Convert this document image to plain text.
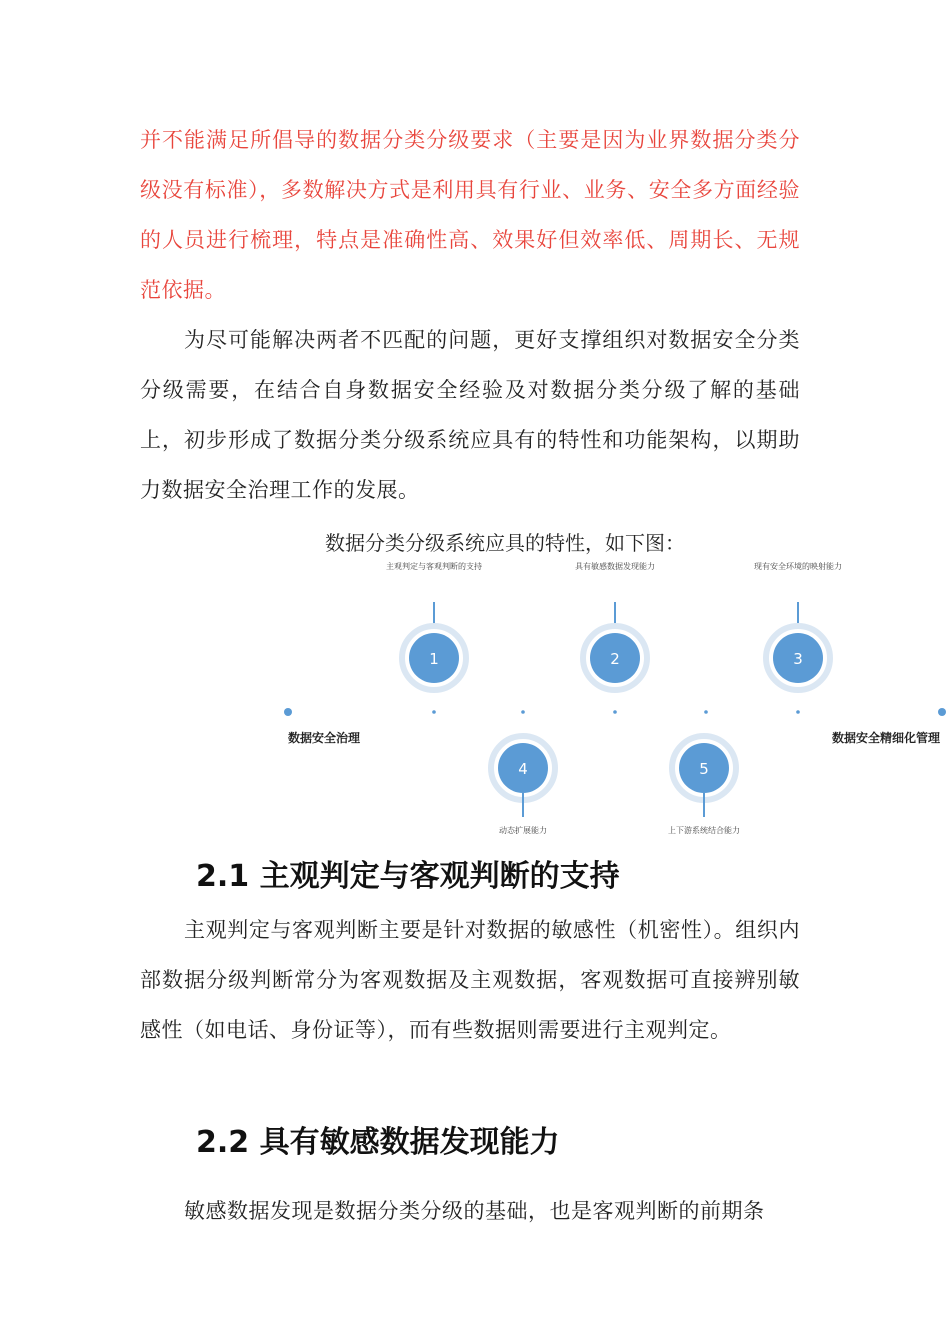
并不能满足所倡导的数据分类分级要求（主要是因为业界数据分类分级没有标准），多数解决方式是利用具有行业、业务、安全多方面经验的人员进行梳理，特点是准确性高、效果好但效率低、周期长、无规范依据。

为尽可能解决两者不匹配的问题，更好支撑组织对数据安全分类分级需要，在结合自身数据安全经验及对数据分类分级了解的基础上，初步形成了数据分类分级系统应具有的特性和功能架构，以期助力数据安全治理工作的发展。

数据分类分级系统应具的特性，如下图：

数据安全治理	数据安全精细化管理
主观判定与客观判断的支持
1
具有敏感数据发现能力
2
现有安全环境的映射能力
3
4
动态扩展能力
5
上下游系统结合能力
2.1 主观判定与客观判断的支持

主观判定与客观判断主要是针对数据的敏感性（机密性）。组织内部数据分级判断常分为客观数据及主观数据，客观数据可直接辨别敏感性（如电话、身份证等），而有些数据则需要进行主观判定。

2.2 具有敏感数据发现能力

敏感数据发现是数据分类分级的基础，也是客观判断的前期条
